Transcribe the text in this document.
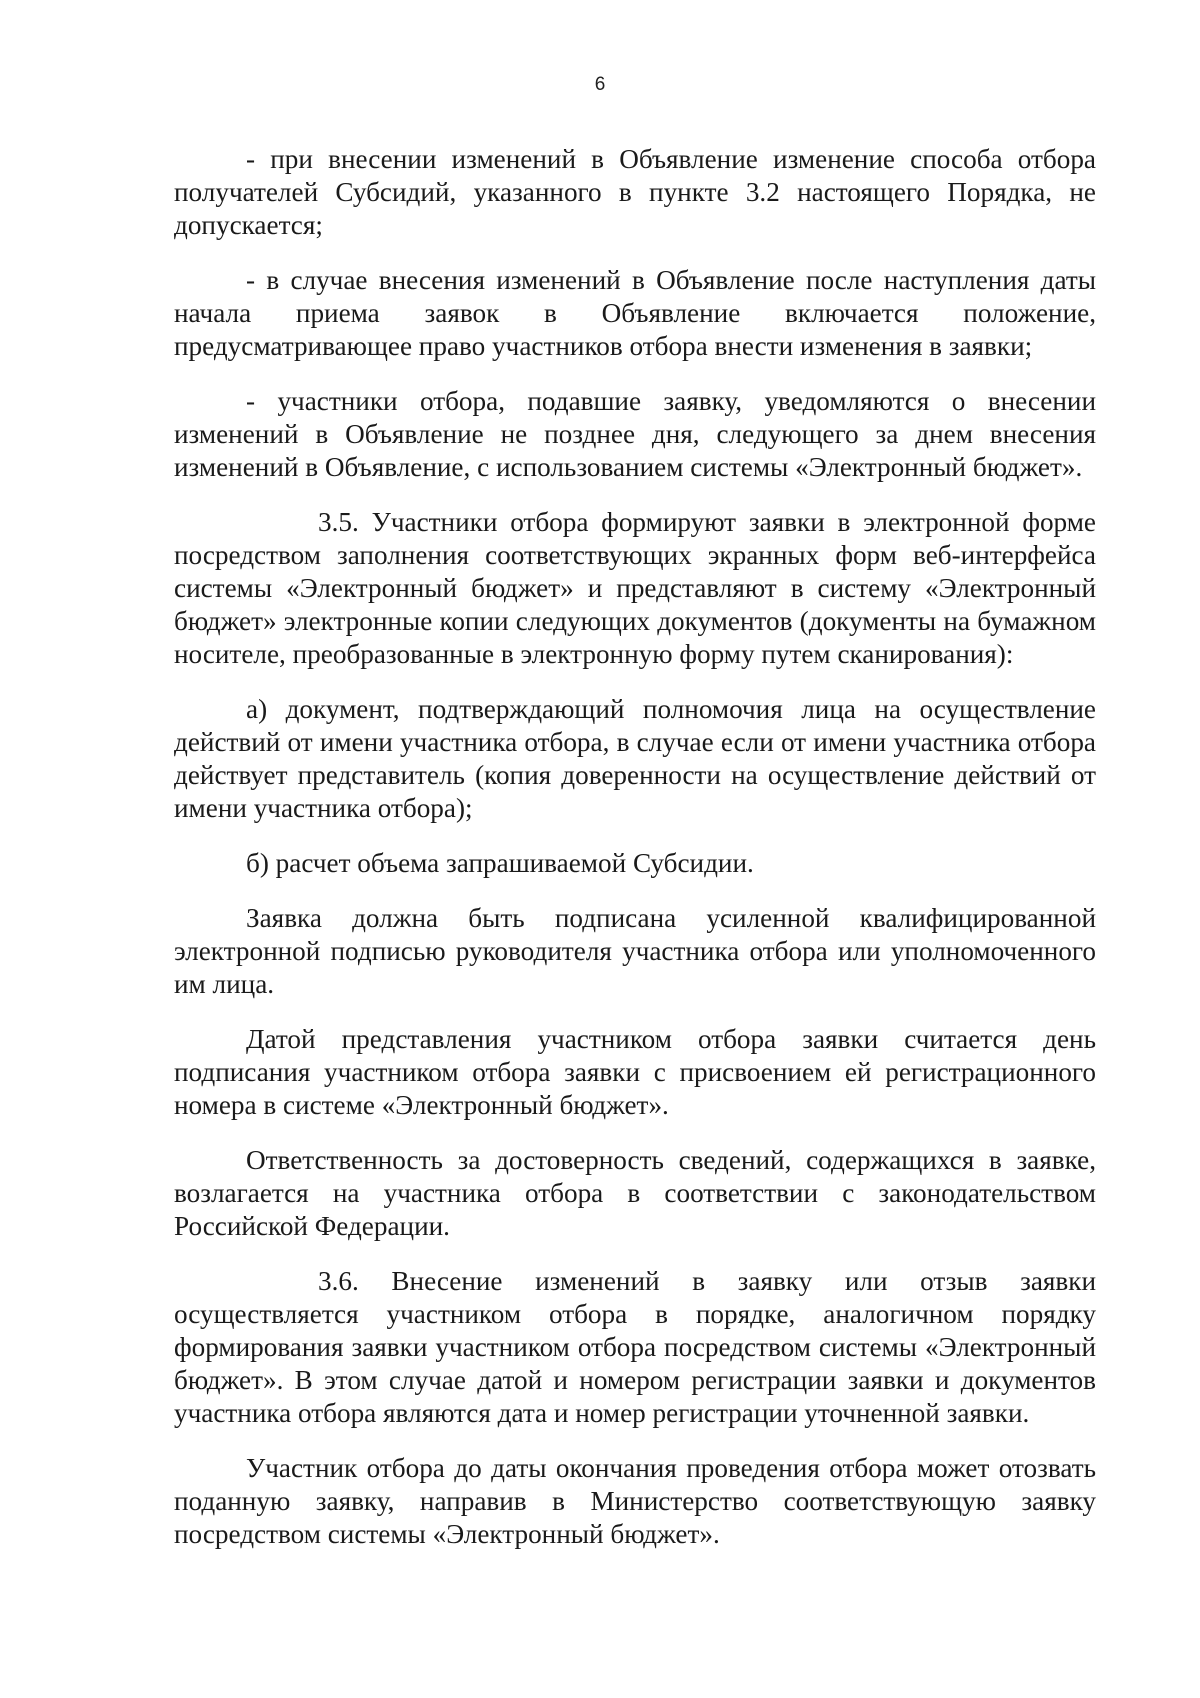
6

- при внесении изменений в Объявление изменение способа отбора получателей Субсидий, указанного в пункте 3.2 настоящего Порядка, не допускается;

- в случае внесения изменений в Объявление после наступления даты начала приема заявок в Объявление включается положение, предусматривающее право участников отбора внести изменения в заявки;

- участники отбора, подавшие заявку, уведомляются о внесении изменений в Объявление не позднее дня, следующего за днем внесения изменений в Объявление, с использованием системы «Электронный бюджет».

3.5. Участники отбора формируют заявки в электронной форме посредством заполнения соответствующих экранных форм веб-интерфейса системы «Электронный бюджет» и представляют в систему «Электронный бюджет» электронные копии следующих документов (документы на бумажном носителе, преобразованные в электронную форму путем сканирования):

а) документ, подтверждающий полномочия лица на осуществление действий от имени участника отбора, в случае если от имени участника отбора действует представитель (копия доверенности на осуществление действий от имени участника отбора);

б) расчет объема запрашиваемой Субсидии.

Заявка должна быть подписана усиленной квалифицированной электронной подписью руководителя участника отбора или уполномоченного им лица.

Датой представления участником отбора заявки считается день подписания участником отбора заявки с присвоением ей регистрационного номера в системе «Электронный бюджет».

Ответственность за достоверность сведений, содержащихся в заявке, возлагается на участника отбора в соответствии с законодательством Российской Федерации.

3.6. Внесение изменений в заявку или отзыв заявки осуществляется участником отбора в порядке, аналогичном порядку формирования заявки участником отбора посредством системы «Электронный бюджет». В этом случае датой и номером регистрации заявки и документов участника отбора являются дата и номер регистрации уточненной заявки.

Участник отбора до даты окончания проведения отбора может отозвать поданную заявку, направив в Министерство соответствующую заявку посредством системы «Электронный бюджет».
